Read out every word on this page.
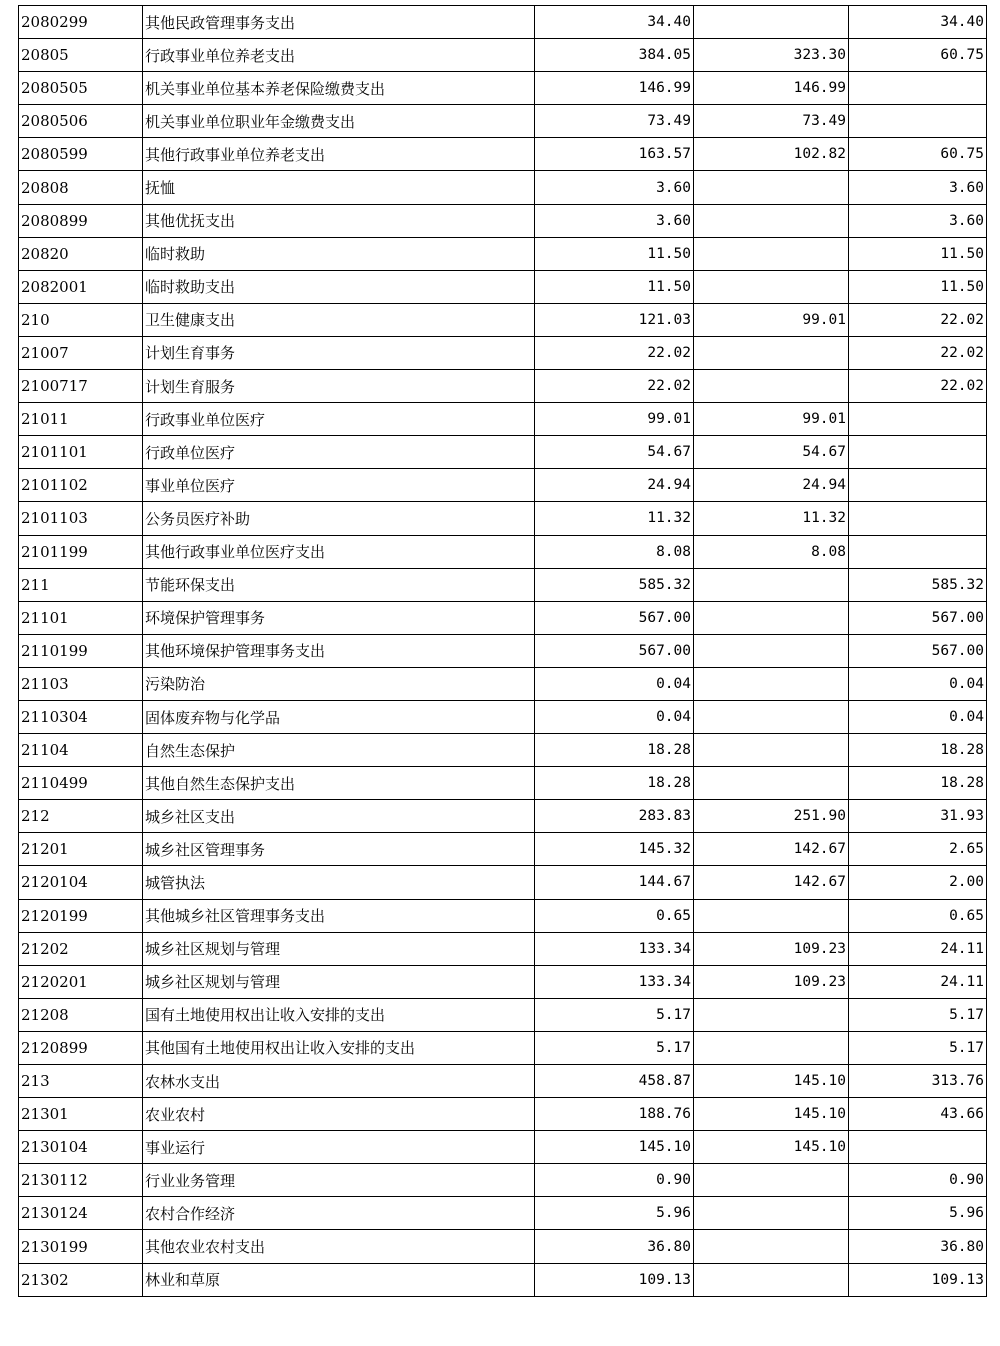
2080299	其他民政管理事务支出	34.40		34.40
20805	行政事业单位养老支出	384.05	323.30	60.75
2080505	机关事业单位基本养老保险缴费支出	146.99	146.99	
2080506	机关事业单位职业年金缴费支出	73.49	73.49	
2080599	其他行政事业单位养老支出	163.57	102.82	60.75
20808	抚恤	3.60		3.60
2080899	其他优抚支出	3.60		3.60
20820	临时救助	11.50		11.50
2082001	临时救助支出	11.50		11.50
210	卫生健康支出	121.03	99.01	22.02
21007	计划生育事务	22.02		22.02
2100717	计划生育服务	22.02		22.02
21011	行政事业单位医疗	99.01	99.01	
2101101	行政单位医疗	54.67	54.67	
2101102	事业单位医疗	24.94	24.94	
2101103	公务员医疗补助	11.32	11.32	
2101199	其他行政事业单位医疗支出	8.08	8.08	
211	节能环保支出	585.32		585.32
21101	环境保护管理事务	567.00		567.00
2110199	其他环境保护管理事务支出	567.00		567.00
21103	污染防治	0.04		0.04
2110304	固体废弃物与化学品	0.04		0.04
21104	自然生态保护	18.28		18.28
2110499	其他自然生态保护支出	18.28		18.28
212	城乡社区支出	283.83	251.90	31.93
21201	城乡社区管理事务	145.32	142.67	2.65
2120104	城管执法	144.67	142.67	2.00
2120199	其他城乡社区管理事务支出	0.65		0.65
21202	城乡社区规划与管理	133.34	109.23	24.11
2120201	城乡社区规划与管理	133.34	109.23	24.11
21208	国有土地使用权出让收入安排的支出	5.17		5.17
2120899	其他国有土地使用权出让收入安排的支出	5.17		5.17
213	农林水支出	458.87	145.10	313.76
21301	农业农村	188.76	145.10	43.66
2130104	事业运行	145.10	145.10	
2130112	行业业务管理	0.90		0.90
2130124	农村合作经济	5.96		5.96
2130199	其他农业农村支出	36.80		36.80
21302	林业和草原	109.13		109.13
